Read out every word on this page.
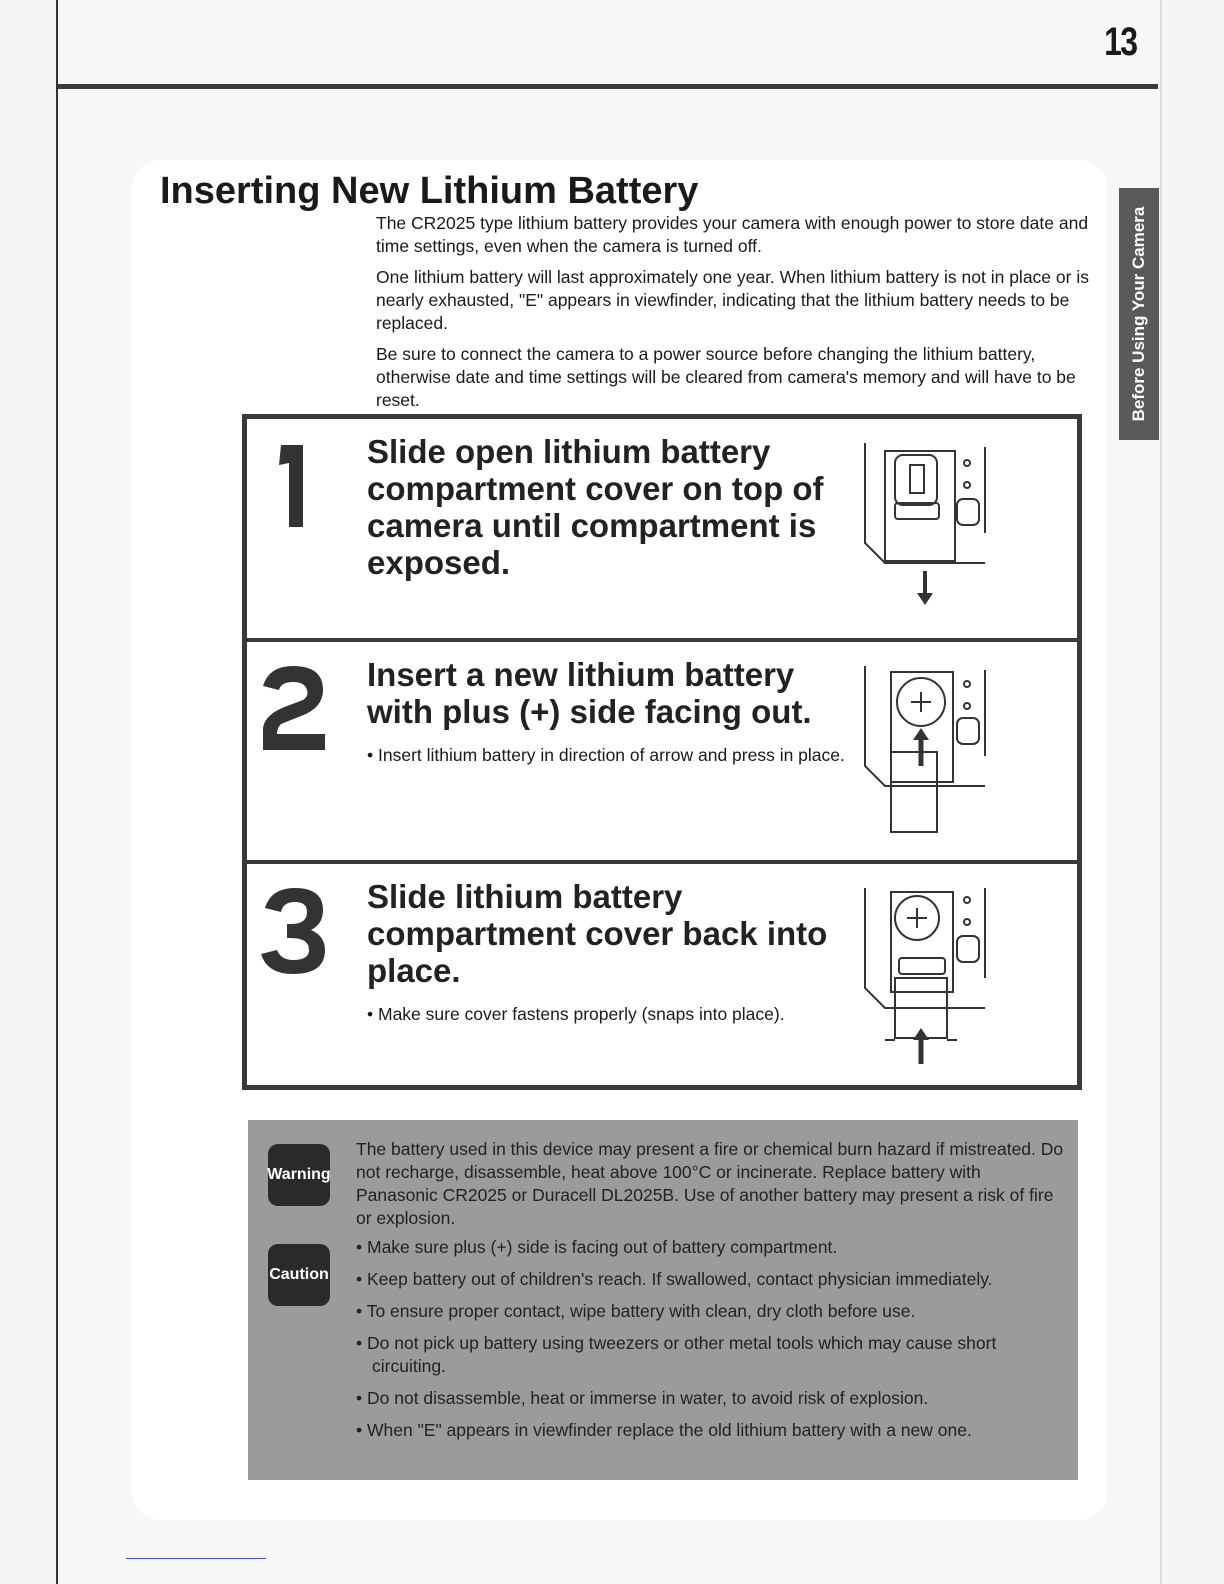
13
Before Using Your Camera
Inserting New Lithium Battery

The CR2025 type lithium battery provides your camera with enough power to store date and time settings, even when the camera is turned off.

One lithium battery will last approximately one year. When lithium battery is not in place or is nearly exhausted, "E" appears in viewfinder, indicating that the lithium battery needs to be replaced.

Be sure to connect the camera to a power source before changing the lithium battery, otherwise date and time settings will be cleared from camera's memory and will have to be reset.

Slide open lithium battery compartment cover on top of camera until compartment is exposed.

Insert a new lithium battery with plus (+) side facing out.

• Insert lithium battery in direction of arrow and press in place.

Slide lithium battery compartment cover back into place.

• Make sure cover fastens properly (snaps into place).

Warning
Caution

The battery used in this device may present a fire or chemical burn hazard if mistreated. Do not recharge, disassemble, heat above 100°C or incinerate. Replace battery with Panasonic CR2025 or Duracell DL2025B. Use of another battery may present a risk of fire or explosion.

• Make sure plus (+) side is facing out of battery compartment.
• Keep battery out of children's reach. If swallowed, contact physician immediately.
• To ensure proper contact, wipe battery with clean, dry cloth before use.
• Do not pick up battery using tweezers or other metal tools which may cause short circuiting.
• Do not disassemble, heat or immerse in water, to avoid risk of explosion.
• When "E" appears in viewfinder replace the old lithium battery with a new one.
